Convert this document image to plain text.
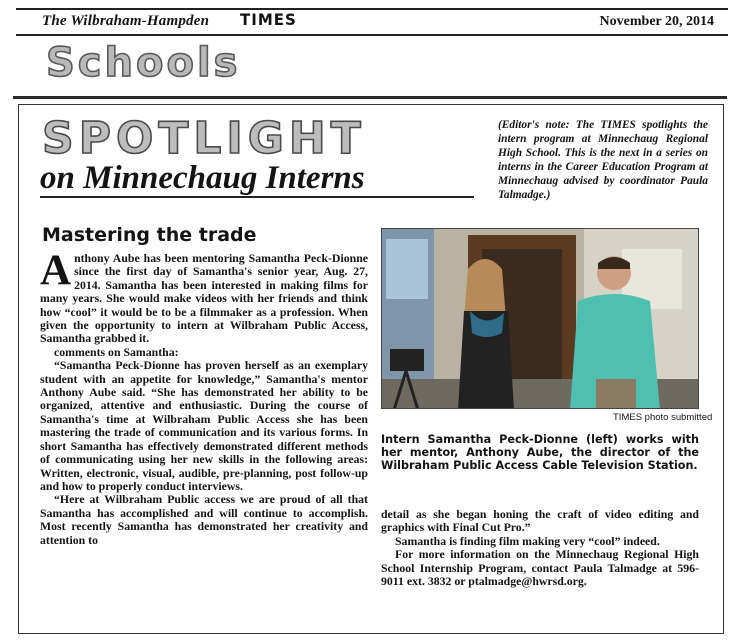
The Wilbraham-Hampden TIMES	November 20, 2014
Schools
SPOTLIGHT
on Minnechaug Interns
(Editor's note: The TIMES spotlights the intern program at Minnechaug Regional High School. This is the next in a series on interns in the Career Education Program at Minnechaug advised by coordinator Paula Talmadge.)
Mastering the trade

Anthony Aube has been mentoring Samantha Peck-Dionne since the first day of Samantha's senior year, Aug. 27, 2014. Samantha has been interested in making films for many years. She would make videos with her friends and think how “cool” it would be to be a filmmaker as a profession. When given the opportunity to intern at Wilbraham Public Access, Samantha grabbed it.

comments on Samantha:

“Samantha Peck-Dionne has proven herself as an exemplary student with an appetite for knowledge,” Samantha's mentor Anthony Aube said. “She has demonstrated her ability to be organized, attentive and enthusiastic. During the course of Samantha's time at Wilbraham Public Access she has been mastering the trade of communication and its various forms. In short Samantha has effectively demonstrated different methods of communicating using her new skills in the following areas: Written, electronic, visual, audible, pre-planning, post follow-up and how to properly conduct interviews.

“Here at Wilbraham Public access we are proud of all that Samantha has accomplished and will continue to accomplish. Most recently Samantha has demonstrated her creativity and attention to

TIMES photo submitted
Intern Samantha Peck-Dionne (left) works with her mentor, Anthony Aube, the director of the Wilbraham Public Access Cable Television Station.

detail as she began honing the craft of video editing and graphics with Final Cut Pro.”

Samantha is finding film making very “cool” indeed.

For more information on the Minnechaug Regional High School Internship Program, contact Paula Talmadge at 596-9011 ext. 3832 or ptalmadge@hwrsd.org.
